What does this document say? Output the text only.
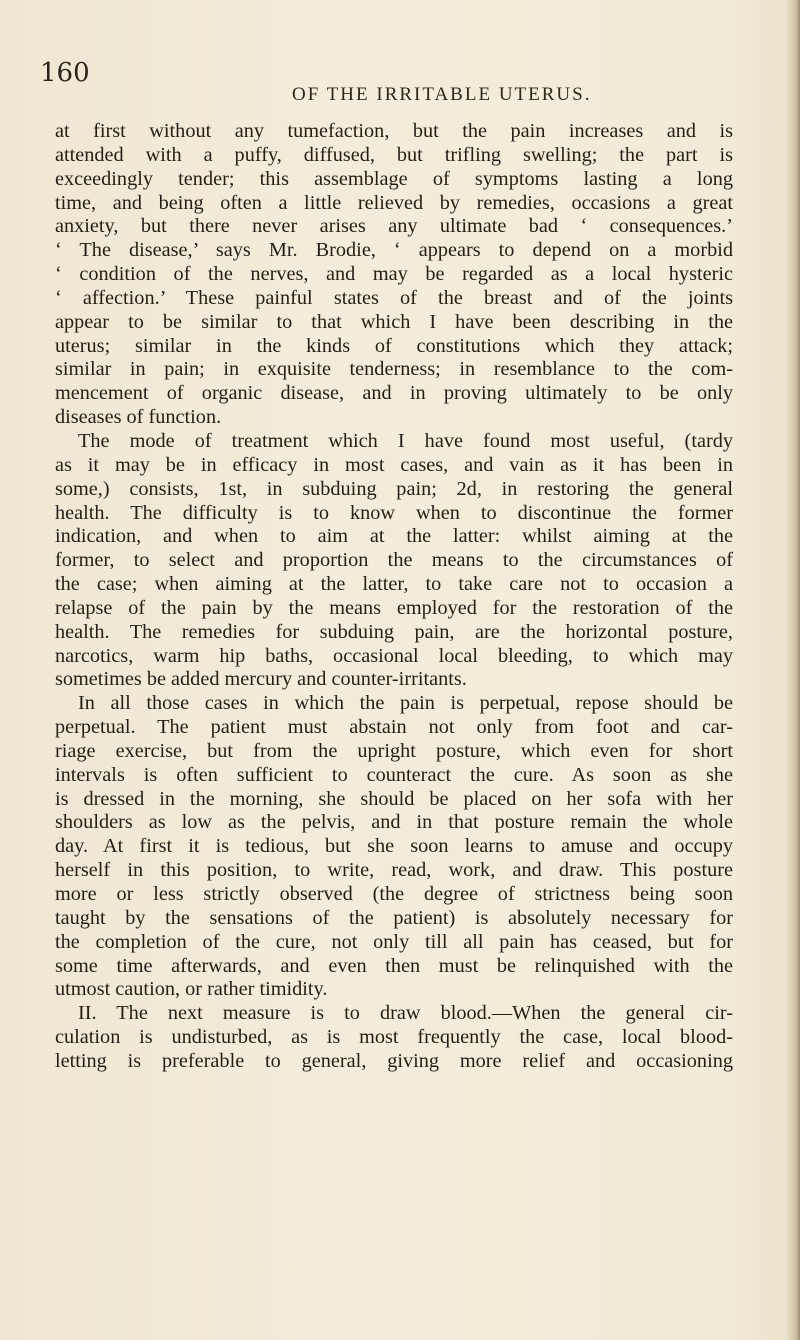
160
OF THE IRRITABLE UTERUS.
at first without any tumefaction, but the pain increases and is
attended with a puffy, diffused, but trifling swelling; the part is
exceedingly tender; this assemblage of symptoms lasting a long
time, and being often a little relieved by remedies, occasions a great
anxiety, but there never arises any ultimate bad ‘ consequences.’
‘ The disease,’ says Mr. Brodie, ‘ appears to depend on a morbid
‘ condition of the nerves, and may be regarded as a local hysteric
‘ affection.’ These painful states of the breast and of the joints
appear to be similar to that which I have been describing in the
uterus; similar in the kinds of constitutions which they attack;
similar in pain; in exquisite tenderness; in resemblance to the com-
mencement of organic disease, and in proving ultimately to be only
diseases of function.
The mode of treatment which I have found most useful, (tardy
as it may be in efficacy in most cases, and vain as it has been in
some,) consists, 1st, in subduing pain; 2d, in restoring the general
health. The difficulty is to know when to discontinue the former
indication, and when to aim at the latter: whilst aiming at the
former, to select and proportion the means to the circumstances of
the case; when aiming at the latter, to take care not to occasion a
relapse of the pain by the means employed for the restoration of the
health. The remedies for subduing pain, are the horizontal posture,
narcotics, warm hip baths, occasional local bleeding, to which may
sometimes be added mercury and counter-irritants.
In all those cases in which the pain is perpetual, repose should be
perpetual. The patient must abstain not only from foot and car-
riage exercise, but from the upright posture, which even for short
intervals is often sufficient to counteract the cure. As soon as she
is dressed in the morning, she should be placed on her sofa with her
shoulders as low as the pelvis, and in that posture remain the whole
day. At first it is tedious, but she soon learns to amuse and occupy
herself in this position, to write, read, work, and draw. This posture
more or less strictly observed (the degree of strictness being soon
taught by the sensations of the patient) is absolutely necessary for
the completion of the cure, not only till all pain has ceased, but for
some time afterwards, and even then must be relinquished with the
utmost caution, or rather timidity.
II. The next measure is to draw blood.—When the general cir-
culation is undisturbed, as is most frequently the case, local blood-
letting is preferable to general, giving more relief and occasioning
